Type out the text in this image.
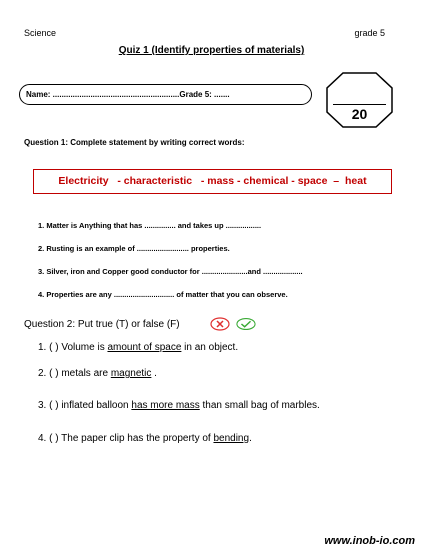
Science	grade 5
Quiz 1 (Identify properties of materials)
Name: .........................................................Grade 5: .......
20
Question 1: Complete statement by writing correct words:
Electricity   - characteristic   - mass - chemical - space  –  heat
1. Matter is Anything that has ............... and takes up .................
2. Rusting is an example of ......................... properties.
3. Silver, iron and Copper good conductor for ......................and ...................
4. Properties are any ............................. of matter that you can observe.
Question 2: Put true (T) or false (F)
1. ( ) Volume is amount of space in an object.
2. ( ) metals are magnetic .
3. ( ) inflated balloon has more mass than small bag of marbles.
4. ( ) The paper clip has the property of bending.
www.inob-io.com
